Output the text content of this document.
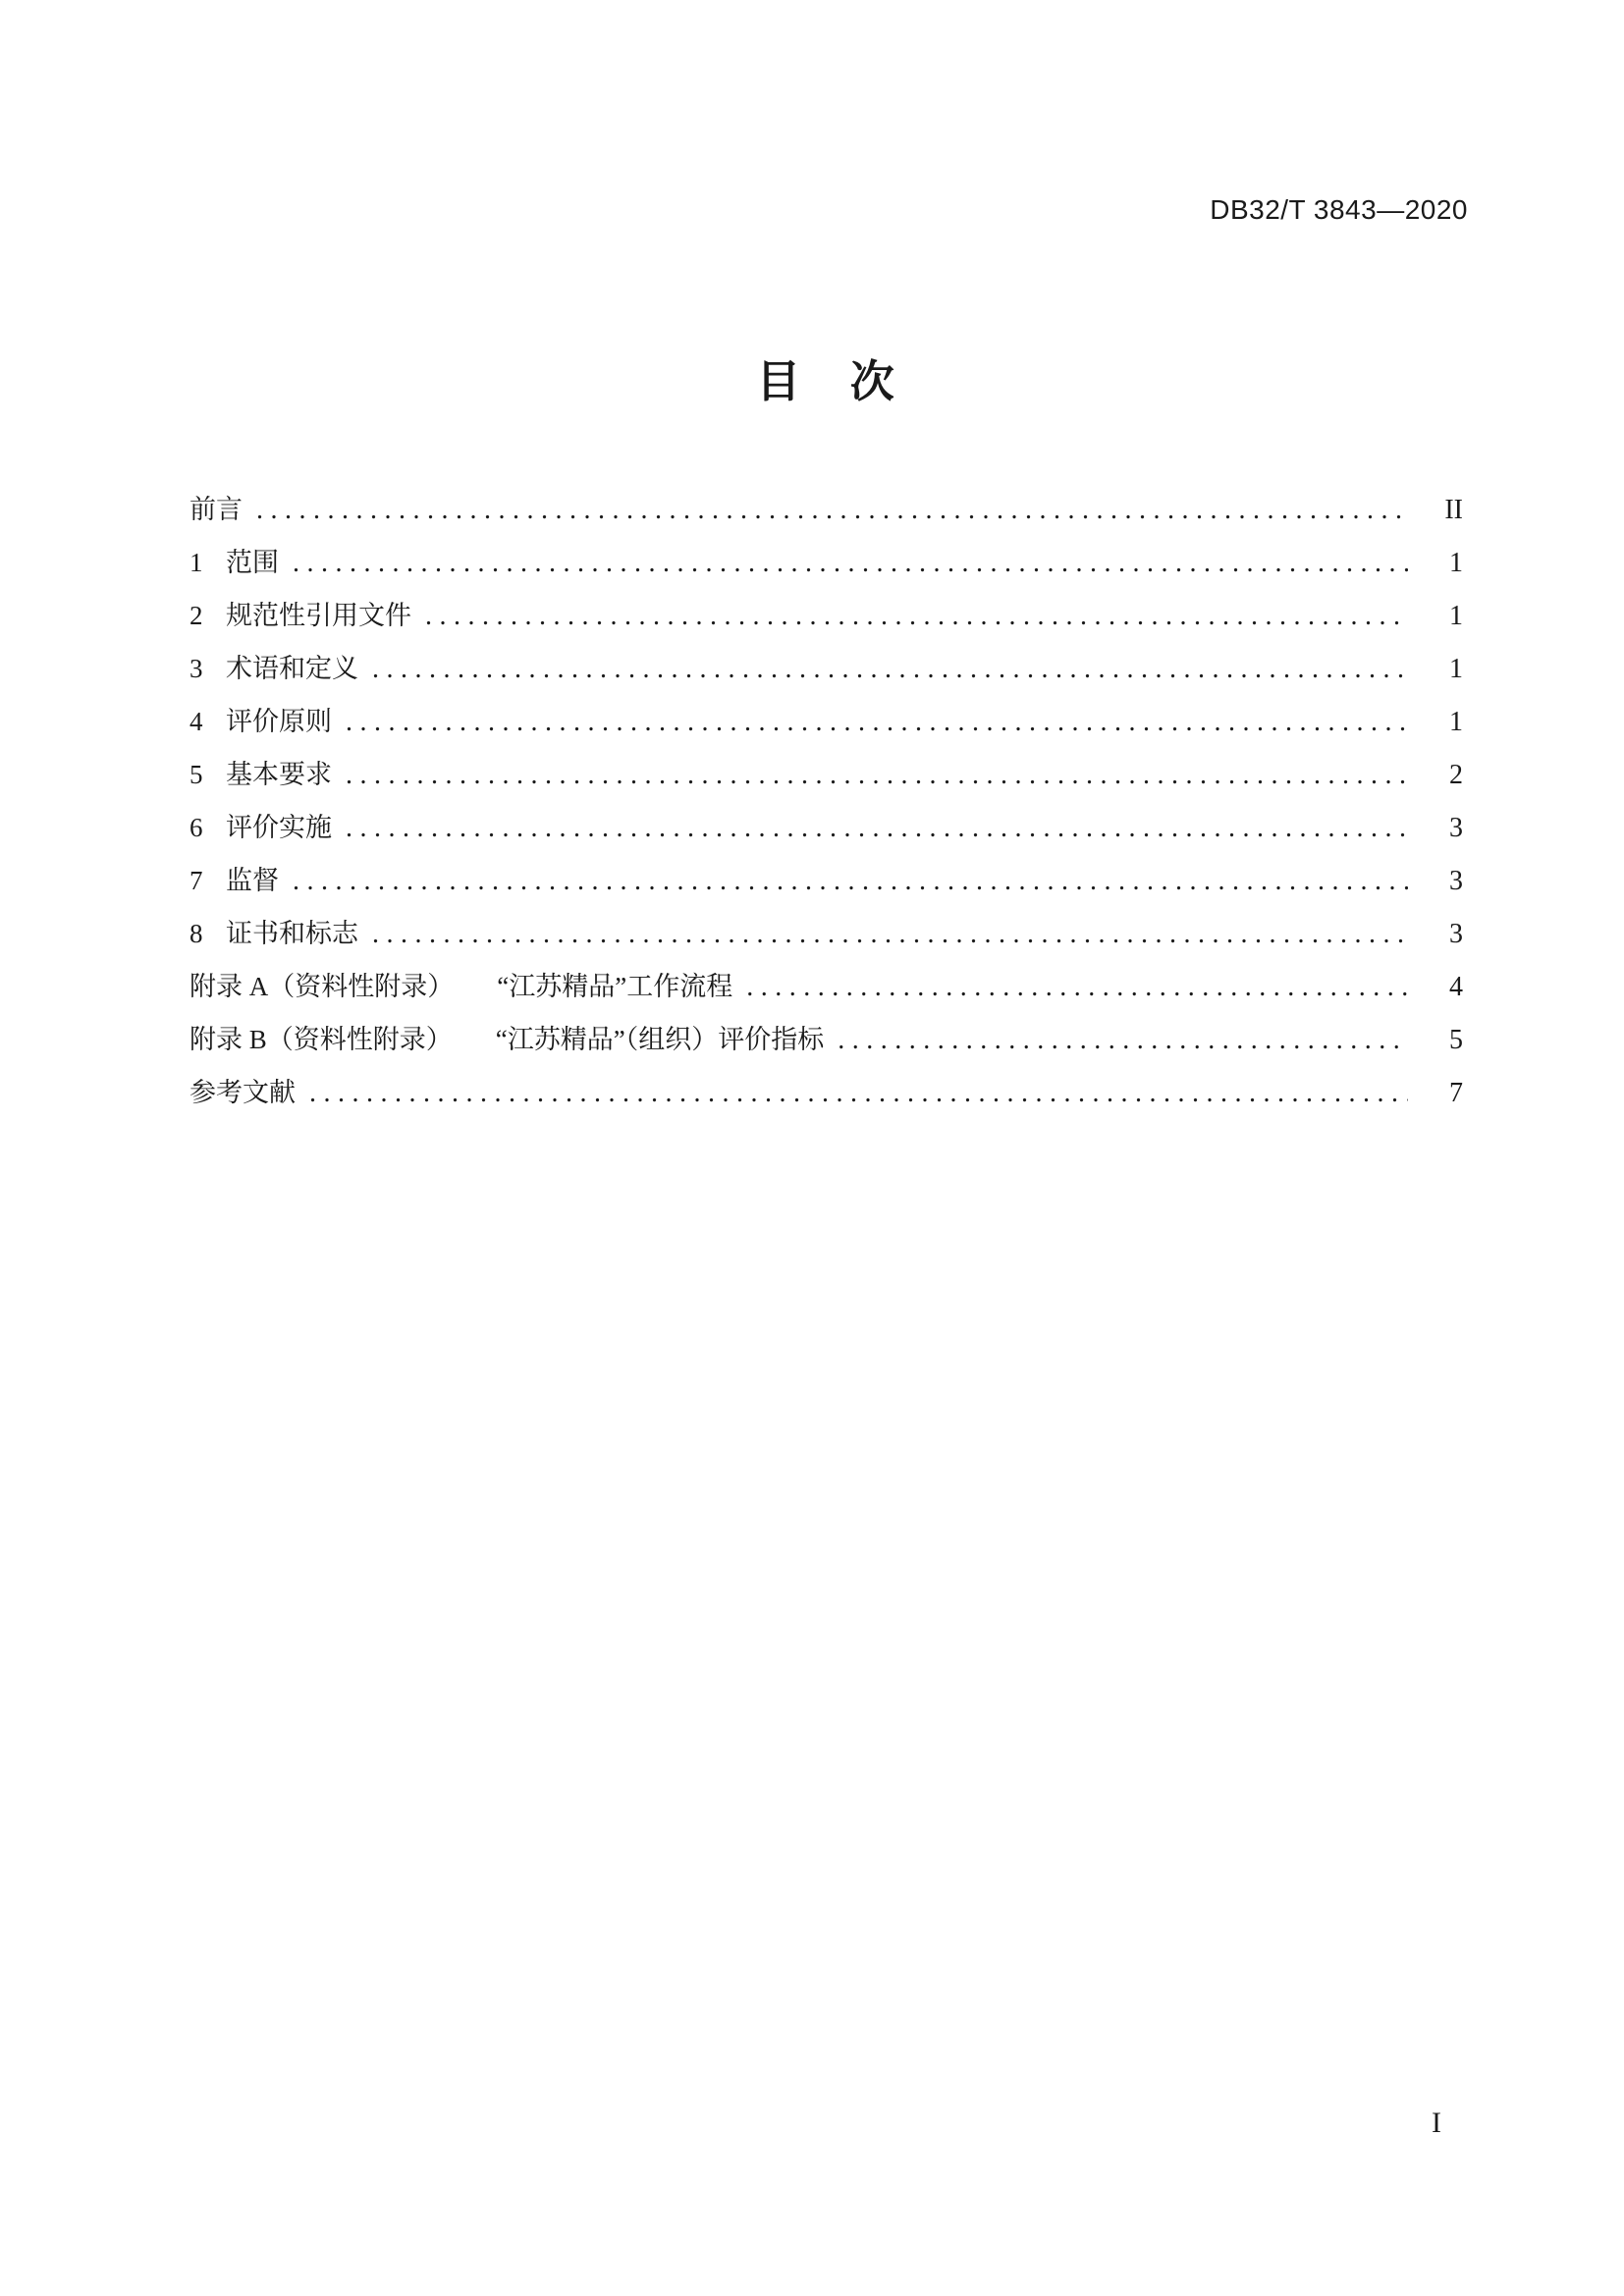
DB32/T 3843—2020
目 次
前言 .....	II
1 范围 .....	1
2 规范性引用文件 .....	1
3 术语和定义 .....	1
4 评价原则 .....	1
5 基本要求 .....	2
6 评价实施 .....	3
7 监督 .....	3
8 证书和标志 .....	3
附录 A（资料性附录） “江苏精品”工作流程 .....	4
附录 B（资料性附录） “江苏精品”（组织）评价指标 .....	5
参考文献 .....	7
I
